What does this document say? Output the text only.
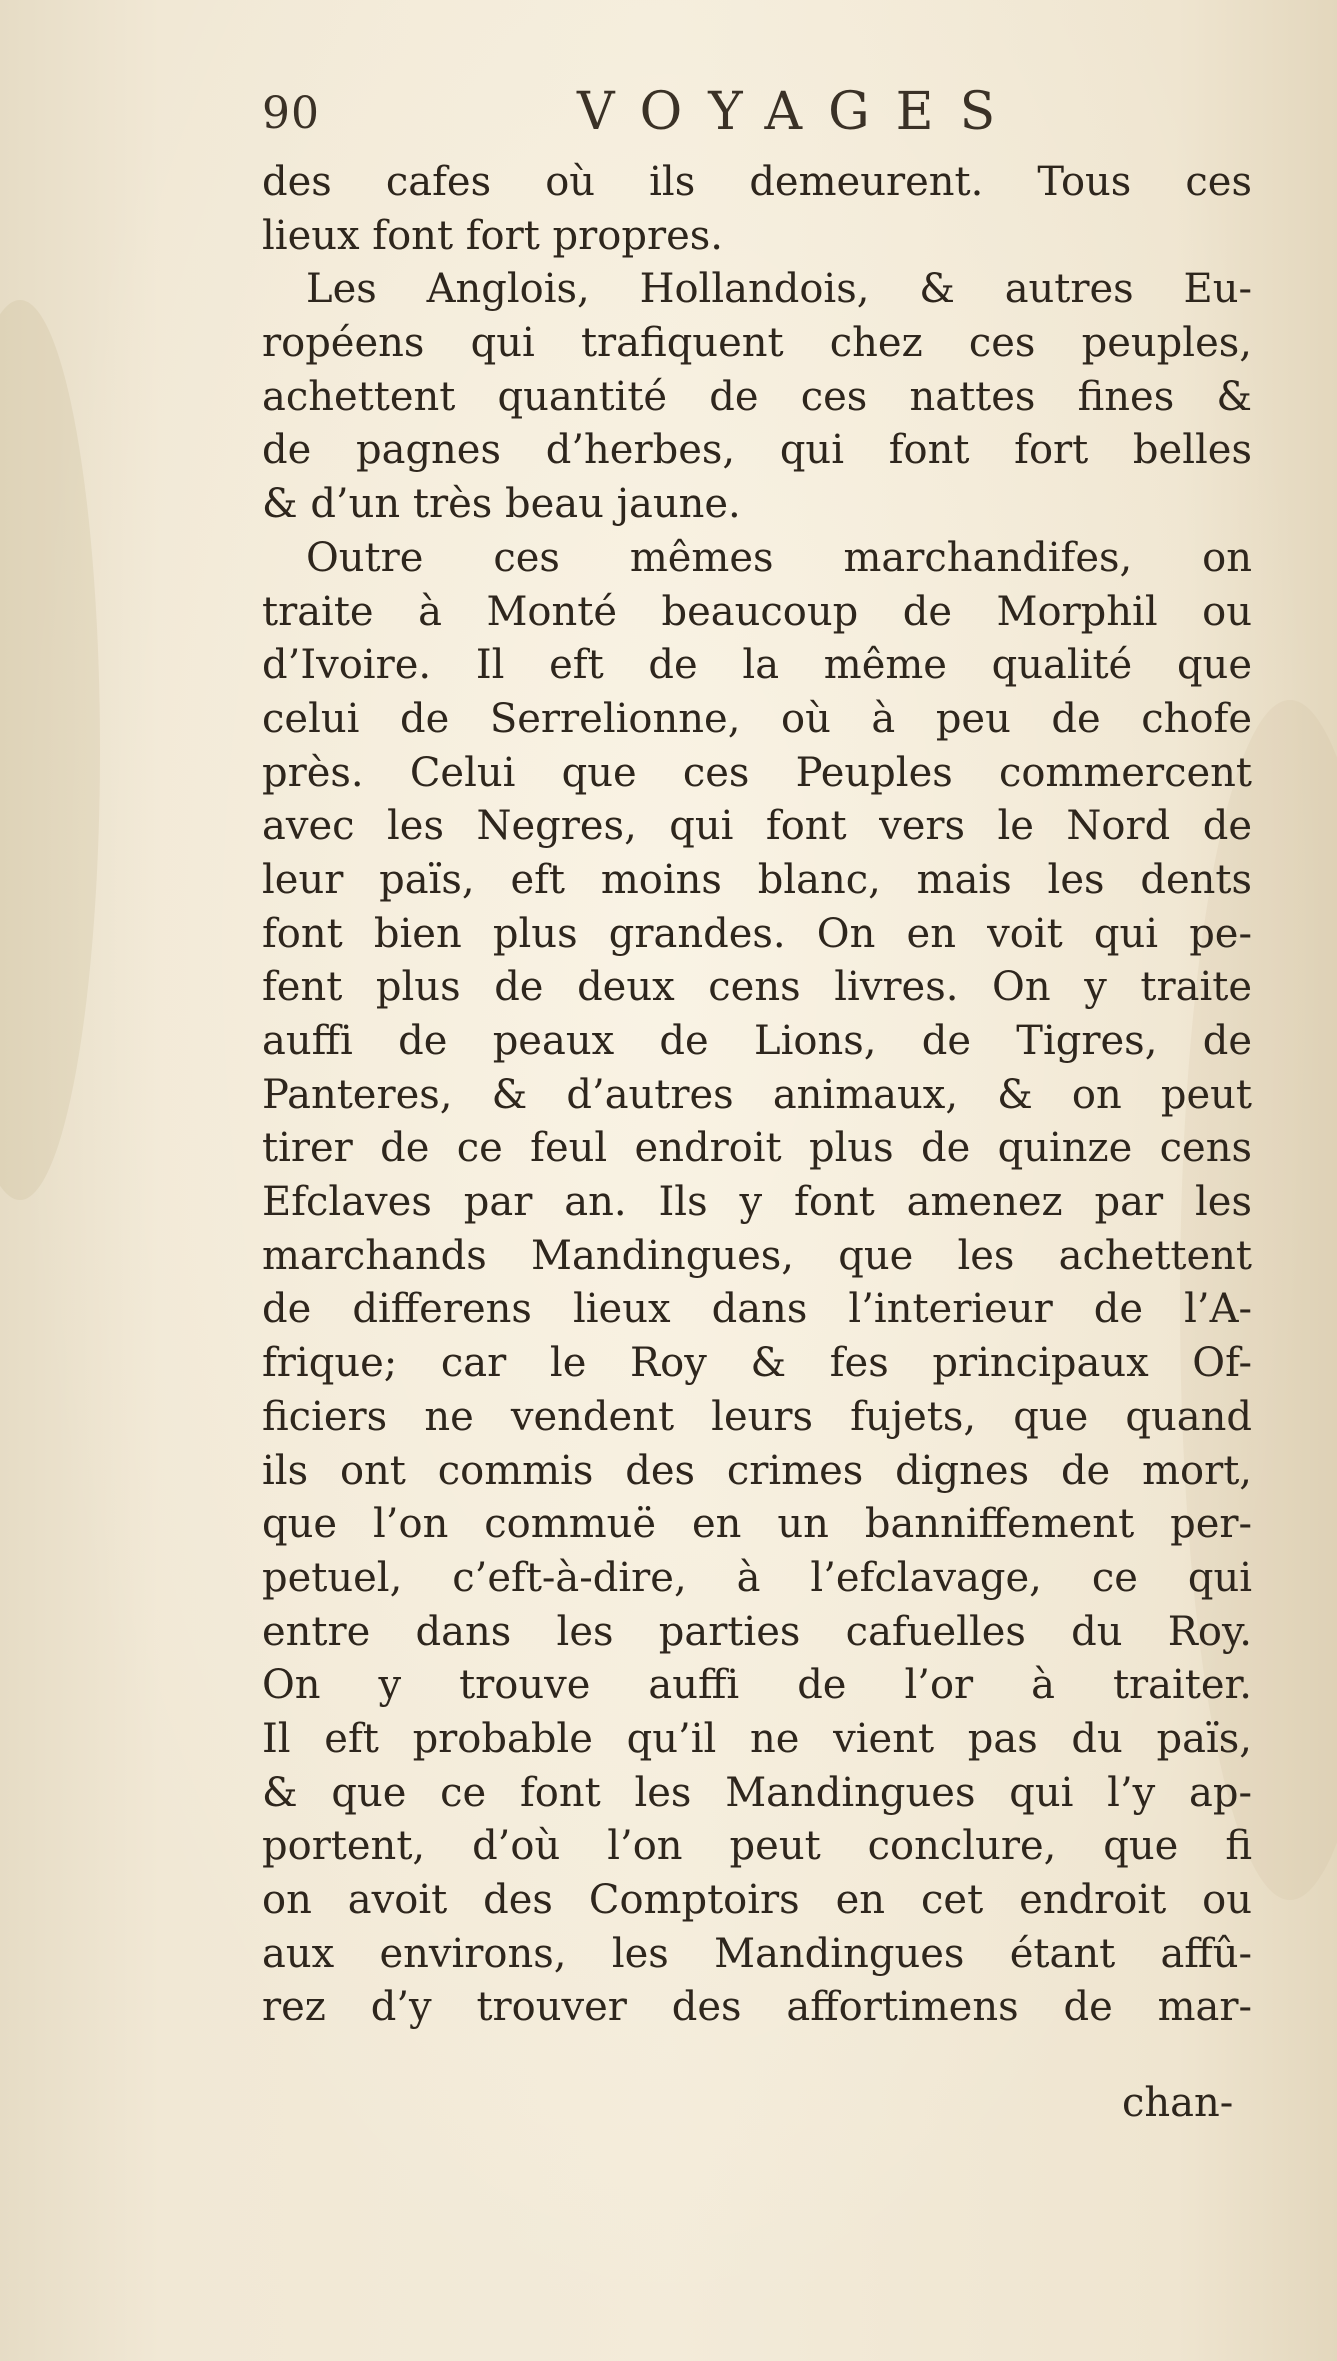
90	VOYAGES
des cafes où ils demeurent. Tous ces
lieux font fort propres.
Les Anglois, Hollandois, & autres Eu-
ropéens qui trafiquent chez ces peuples,
achettent quantité de ces nattes fines &
de pagnes d’herbes, qui font fort belles
& d’un très beau jaune.
Outre ces mêmes marchandifes, on
traite à Monté beaucoup de Morphil ou
d’Ivoire. Il eft de la même qualité que
celui de Serrelionne, où à peu de chofe
près. Celui que ces Peuples commercent
avec les Negres, qui font vers le Nord de
leur païs, eft moins blanc, mais les dents
font bien plus grandes. On en voit qui pe-
fent plus de deux cens livres. On y traite
auffi de peaux de Lions, de Tigres, de
Panteres, & d’autres animaux, & on peut
tirer de ce feul endroit plus de quinze cens
Efclaves par an. Ils y font amenez par les
marchands Mandingues, que les achettent
de differens lieux dans l’interieur de l’A-
frique; car le Roy & fes principaux Of-
ficiers ne vendent leurs fujets, que quand
ils ont commis des crimes dignes de mort,
que l’on commuë en un banniffement per-
petuel, c’eft-à-dire, à l’efclavage, ce qui
entre dans les parties cafuelles du Roy.
On y trouve auffi de l’or à traiter.
Il eft probable qu’il ne vient pas du païs,
& que ce font les Mandingues qui l’y ap-
portent, d’où l’on peut conclure, que fi
on avoit des Comptoirs en cet endroit ou
aux environs, les Mandingues étant affû-
rez d’y trouver des affortimens de mar-
chan-
